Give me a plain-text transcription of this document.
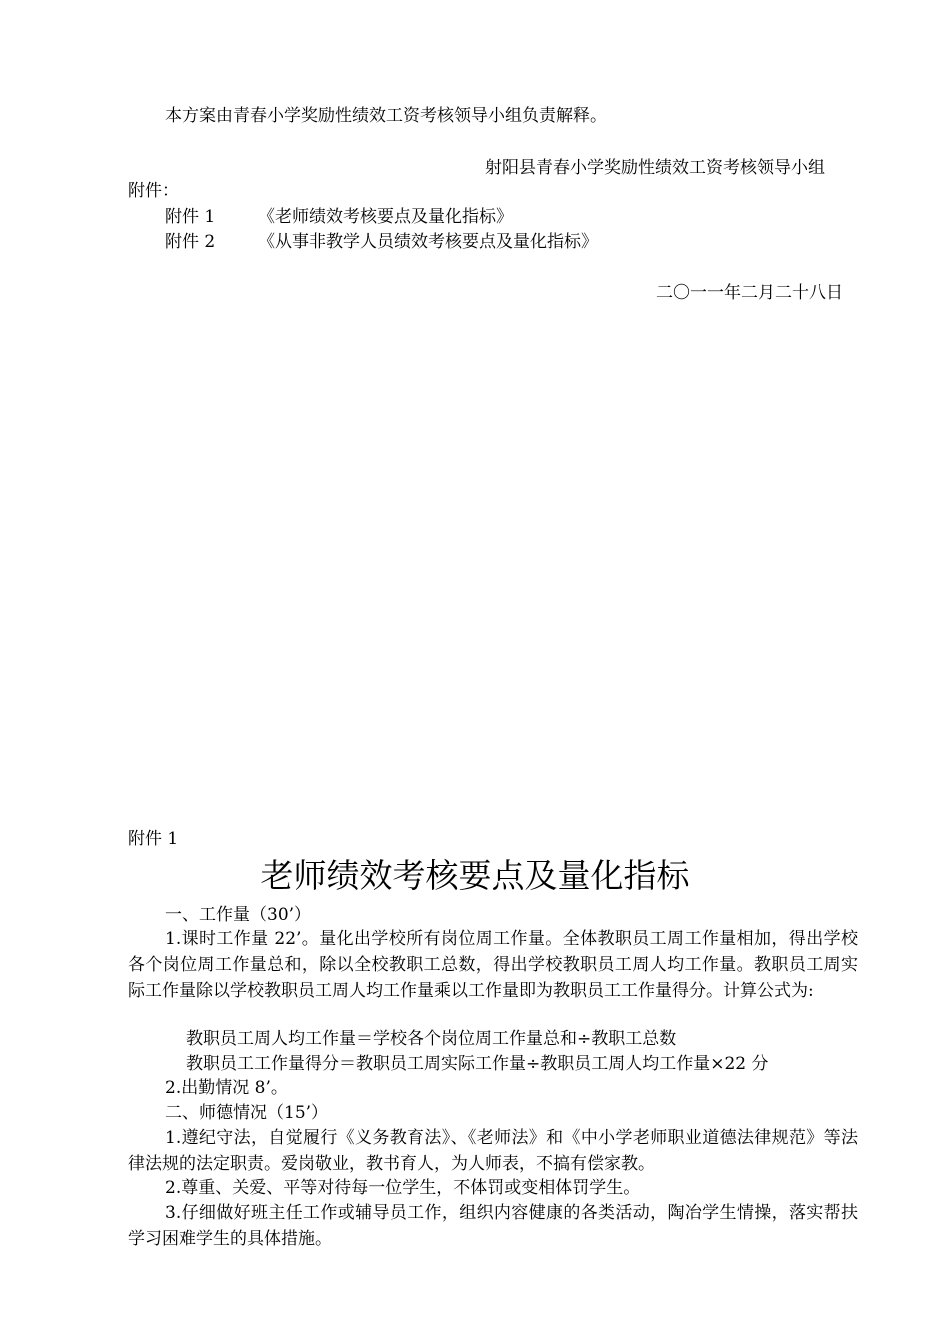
本方案由青春小学奖励性绩效工资考核领导小组负责解释。
射阳县青春小学奖励性绩效工资考核领导小组
附件：
附件 1	《老师绩效考核要点及量化指标》
附件 2	《从事非教学人员绩效考核要点及量化指标》
二〇一一年二月二十八日
附件 1
老师绩效考核要点及量化指标
一、工作量（30’）
1.课时工作量 22’。量化出学校所有岗位周工作量。全体教职员工周工作量相加，得出学校各个岗位周工作量总和，除以全校教职工总数，得出学校教职员工周人均工作量。教职员工周实际工作量除以学校教职员工周人均工作量乘以工作量即为教职员工工作量得分。计算公式为:
教职员工周人均工作量＝学校各个岗位周工作量总和÷教职工总数
教职员工工作量得分＝教职员工周实际工作量÷教职员工周人均工作量×22 分
2.出勤情况 8’。
二、师德情况（15’）
1.遵纪守法，自觉履行《义务教育法》、《老师法》和《中小学老师职业道德法律规范》等法律法规的法定职责。爱岗敬业，教书育人，为人师表，不搞有偿家教。
2.尊重、关爱、平等对待每一位学生，不体罚或变相体罚学生。
3.仔细做好班主任工作或辅导员工作，组织内容健康的各类活动，陶冶学生情操，落实帮扶学习困难学生的具体措施。
